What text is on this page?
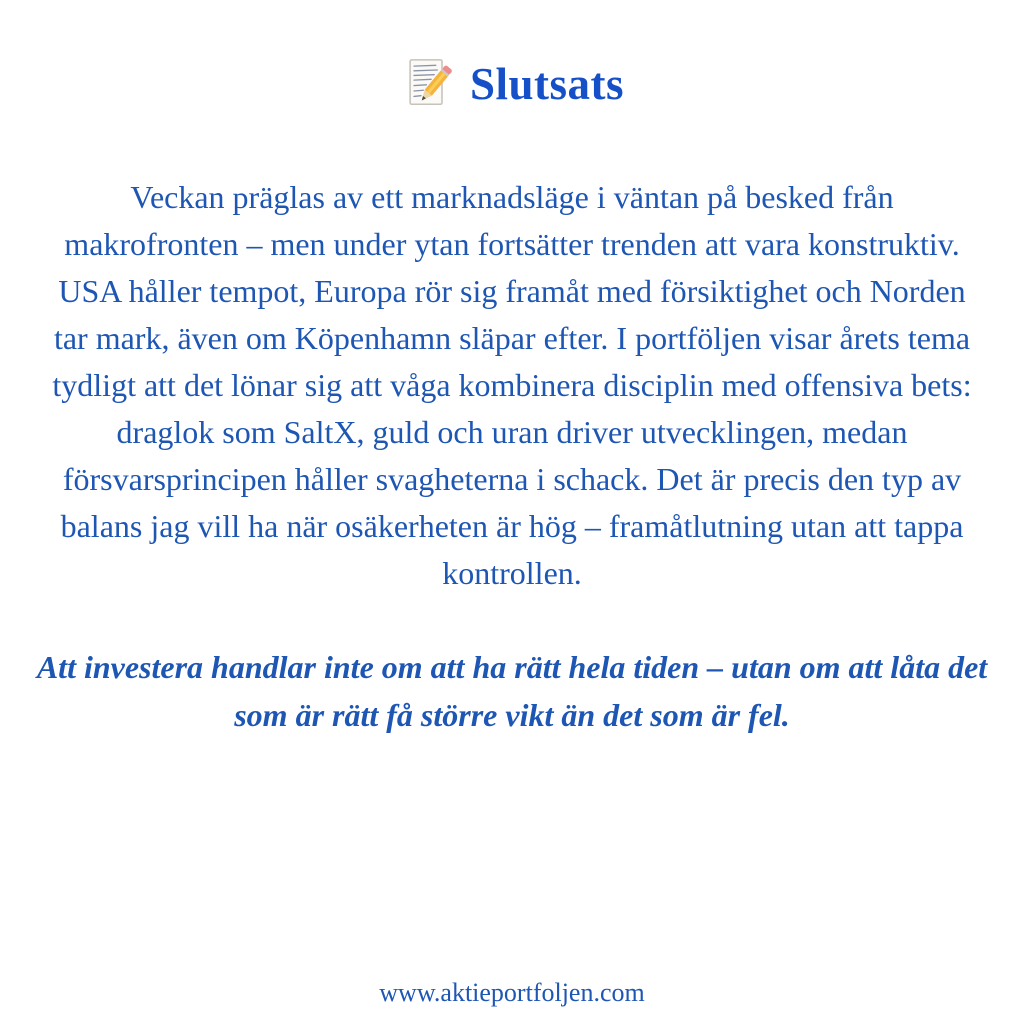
Slutsats

Veckan präglas av ett marknadsläge i väntan på besked från makrofronten – men under ytan fortsätter trenden att vara konstruktiv. USA håller tempot, Europa rör sig framåt med försiktighet och Norden tar mark, även om Köpenhamn släpar efter. I portföljen visar årets tema tydligt att det lönar sig att våga kombinera disciplin med offensiva bets: draglok som SaltX, guld och uran driver utvecklingen, medan försvarsprincipen håller svagheterna i schack. Det är precis den typ av balans jag vill ha när osäkerheten är hög – framåtlutning utan att tappa kontrollen.

Att investera handlar inte om att ha rätt hela tiden – utan om att låta det som är rätt få större vikt än det som är fel.

www.aktieportfoljen.com
